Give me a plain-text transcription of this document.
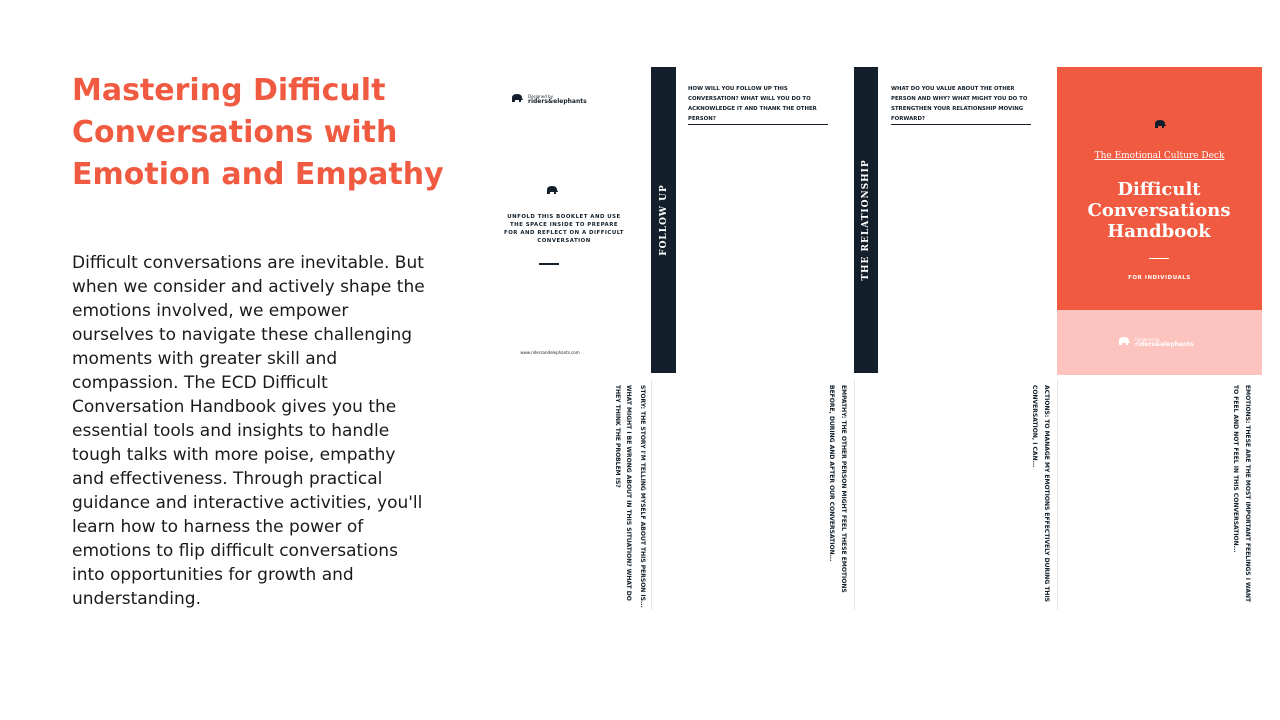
Mastering Difficult Conversations with Emotion and Empathy

Difficult conversations are inevitable. But when we consider and actively shape the emotions involved, we empower ourselves to navigate these challenging moments with greater skill and compassion. The ECD Difficult Conversation Handbook gives you the essential tools and insights to handle tough talks with more poise, empathy and effectiveness. Through practical guidance and interactive activities, you'll learn how to harness the power of emotions to flip difficult conversations into opportunities for growth and understanding.

Designed by
riders&elephants
UNFOLD THIS BOOKLET AND USE THE SPACE INSIDE TO PREPARE FOR AND REFLECT ON A DIFFICULT CONVERSATION
www.ridersandelephants.com
FOLLOW UP
HOW WILL YOU FOLLOW UP THIS CONVERSATION? WHAT WILL YOU DO TO ACKNOWLEDGE IT AND THANK THE OTHER PERSON?
THE RELATIONSHIP
WHAT DO YOU VALUE ABOUT THE OTHER PERSON AND WHY? WHAT MIGHT YOU DO TO STRENGTHEN YOUR RELATIONSHIP MOVING FORWARD?
The Emotional Culture Deck
Difficult Conversations Handbook
FOR INDIVIDUALS
Designed by
riders&elephants
STORY: THE STORY I'M TELLING MYSELF ABOUT THIS PERSON IS...
WHAT MIGHT I BE WRONG ABOUT IN THIS SITUATION? WHAT DO
THEY THINK THE PROBLEM IS?	EMPATHY: THE OTHER PERSON MIGHT FEEL THESE EMOTIONS
BEFORE, DURING AND AFTER OUR CONVERSATION...	ACTIONS: TO MANAGE MY EMOTIONS EFFECTIVELY DURING THIS
CONVERSATION, I CAN...	EMOTIONS: THESE ARE THE MOST IMPORTANT FEELINGS I WANT
TO FEEL AND NOT FEEL IN THIS CONVERSATION...
